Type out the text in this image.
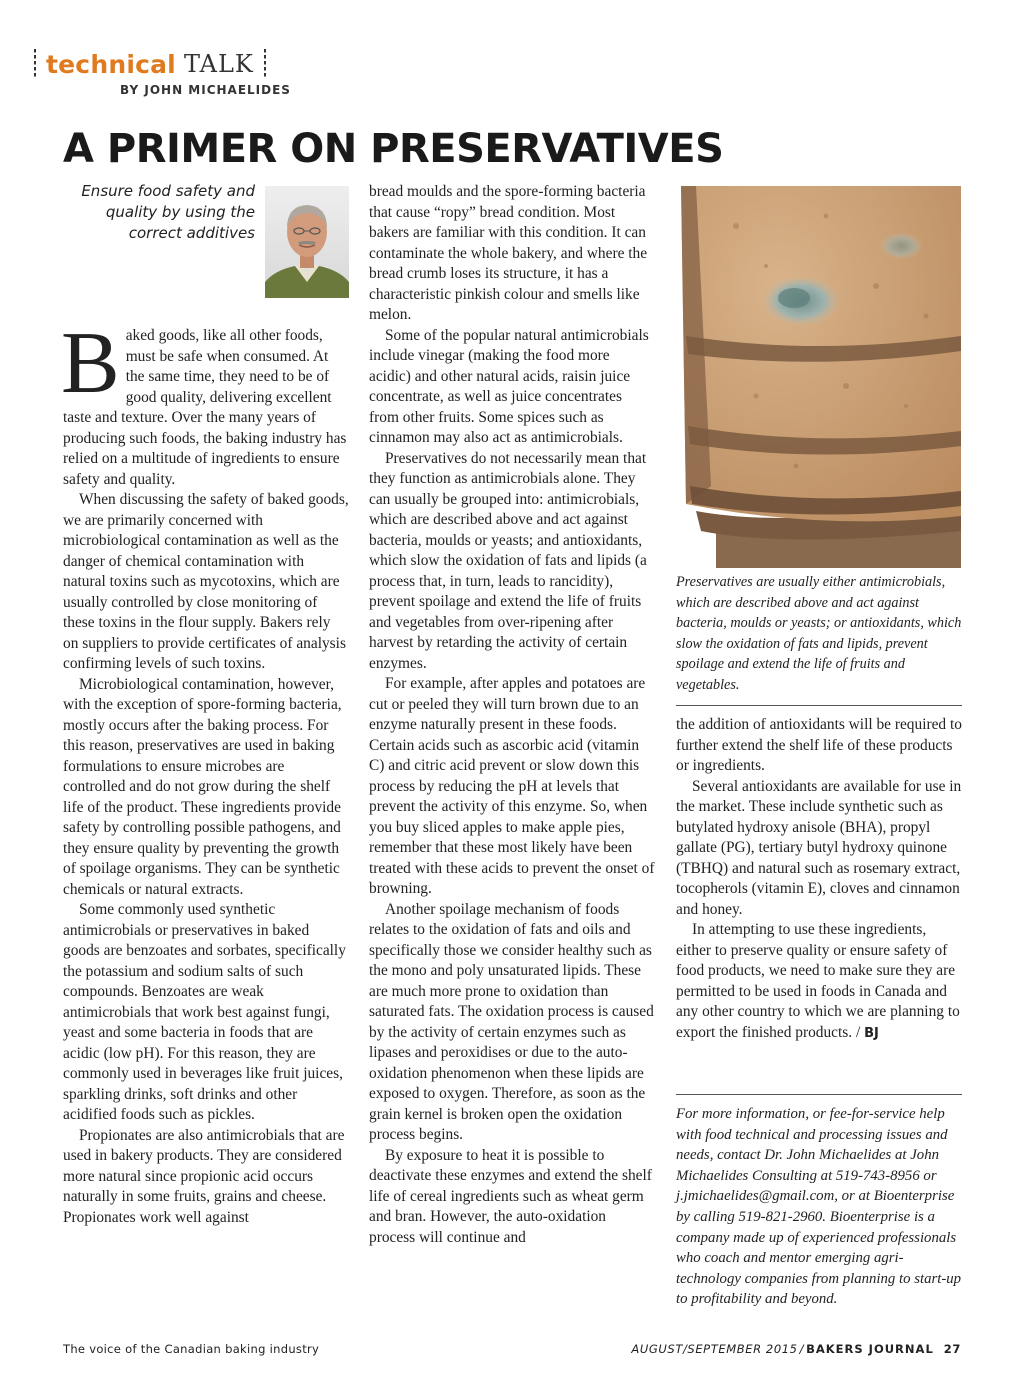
technical TALK
BY JOHN MICHAELIDES
A PRIMER ON PRESERVATIVES
Ensure food safety and quality by using the correct additives

Baked goods, like all other foods, must be safe when consumed. At the same time, they need to be of good quality, delivering excellent taste and texture. Over the many years of producing such foods, the baking industry has relied on a multitude of ingredients to ensure safety and quality.

When discussing the safety of baked goods, we are primarily concerned with microbiological contamination as well as the danger of chemical contamination with natural toxins such as mycotoxins, which are usually controlled by close monitoring of these toxins in the flour supply. Bakers rely on suppliers to provide certificates of analysis confirming levels of such toxins.

Microbiological contamination, however, with the exception of spore-forming bacteria, mostly occurs after the baking process. For this reason, preservatives are used in baking formulations to ensure microbes are controlled and do not grow during the shelf life of the product. These ingredients provide safety by controlling possible pathogens, and they ensure quality by preventing the growth of spoilage organisms. They can be synthetic chemicals or natural extracts.

Some commonly used synthetic antimicrobials or preservatives in baked goods are benzoates and sorbates, specifically the potassium and sodium salts of such compounds. Benzoates are weak antimicrobials that work best against fungi, yeast and some bacteria in foods that are acidic (low pH). For this reason, they are commonly used in beverages like fruit juices, sparkling drinks, soft drinks and other acidified foods such as pickles.

Propionates are also antimicrobials that are used in bakery products. They are considered more natural since propionic acid occurs naturally in some fruits, grains and cheese. Propionates work well against

bread moulds and the spore-forming bacteria that cause “ropy” bread condition. Most bakers are familiar with this condition. It can contaminate the whole bakery, and where the bread crumb loses its structure, it has a characteristic pinkish colour and smells like melon.

Some of the popular natural antimicrobials include vinegar (making the food more acidic) and other natural acids, raisin juice concentrate, as well as juice concentrates from other fruits. Some spices such as cinnamon may also act as antimicrobials.

Preservatives do not necessarily mean that they function as antimicrobials alone. They can usually be grouped into: antimicrobials, which are described above and act against bacteria, moulds or yeasts; and antioxidants, which slow the oxidation of fats and lipids (a process that, in turn, leads to rancidity), prevent spoilage and extend the life of fruits and vegetables from over-ripening after harvest by retarding the activity of certain enzymes.

For example, after apples and potatoes are cut or peeled they will turn brown due to an enzyme naturally present in these foods. Certain acids such as ascorbic acid (vitamin C) and citric acid prevent or slow down this process by reducing the pH at levels that prevent the activity of this enzyme. So, when you buy sliced apples to make apple pies, remember that these most likely have been treated with these acids to prevent the onset of browning.

Another spoilage mechanism of foods relates to the oxidation of fats and oils and specifically those we consider healthy such as the mono and poly unsaturated lipids. These are much more prone to oxidation than saturated fats. The oxidation process is caused by the activity of certain enzymes such as lipases and peroxidises or due to the auto-oxidation phenomenon when these lipids are exposed to oxygen. Therefore, as soon as the grain kernel is broken open the oxidation process begins.

By exposure to heat it is possible to deactivate these enzymes and extend the shelf life of cereal ingredients such as wheat germ and bran. However, the auto-oxidation process will continue and

Preservatives are usually either antimicrobials, which are described above and act against bacteria, moulds or yeasts; or antioxidants, which slow the oxidation of fats and lipids, prevent spoilage and extend the life of fruits and vegetables.

the addition of antioxidants will be required to further extend the shelf life of these products or ingredients.

Several antioxidants are available for use in the market. These include synthetic such as butylated hydroxy anisole (BHA), propyl gallate (PG), tertiary butyl hydroxy quinone (TBHQ) and natural such as rosemary extract, tocopherols (vitamin E), cloves and cinnamon and honey.

In attempting to use these ingredients, either to preserve quality or ensure safety of food products, we need to make sure they are permitted to be used in foods in Canada and any other country to which we are planning to export the finished products. / BJ

For more information, or fee-for-service help with food technical and processing issues and needs, contact Dr. John Michaelides at John Michaelides Consulting at 519-743-8956 or j.jmichaelides@gmail.com, or at Bioenterprise by calling 519-821-2960. Bioenterprise is a company made up of experienced professionals who coach and mentor emerging agri-technology companies from planning to start-up to profitability and beyond.
The voice of the Canadian baking industry	AUGUST/SEPTEMBER 2015 / BAKERS JOURNAL 27
